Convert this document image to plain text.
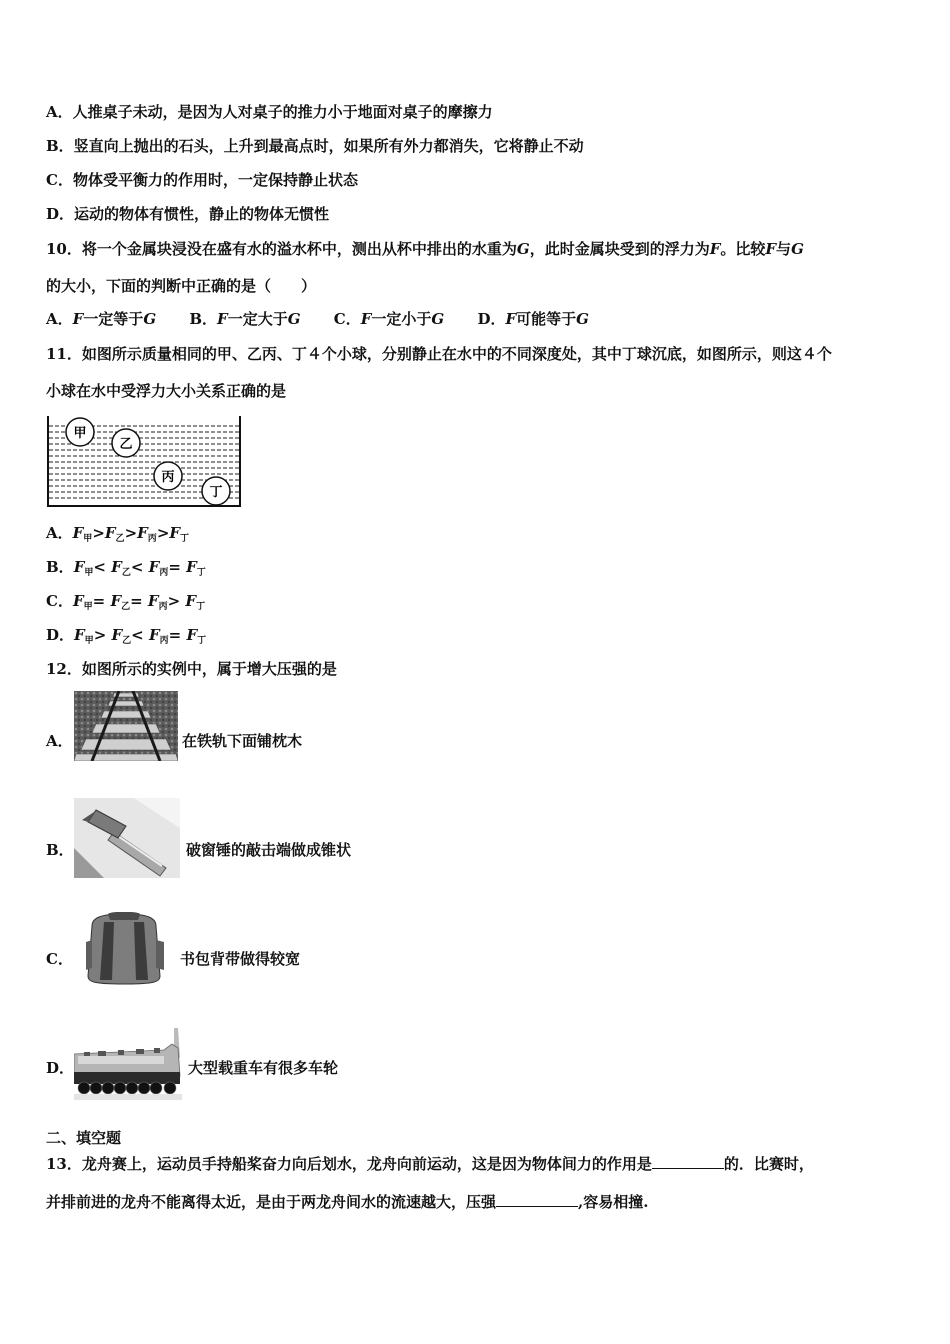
A．人推桌子未动，是因为人对桌子的推力小于地面对桌子的摩擦力
B．竖直向上抛出的石头，上升到最高点时，如果所有外力都消失，它将静止不动
C．物体受平衡力的作用时，一定保持静止状态
D．运动的物体有惯性，静止的物体无惯性
10．将一个金属块浸没在盛有水的溢水杯中，测出从杯中排出的水重为G，此时金属块受到的浮力为F。比较F与G
的大小，下面的判断中正确的是（　　）
A．F一定等于G B．F一定大于G C．F一定小于G D．F可能等于G
11．如图所示质量相同的甲、乙丙、丁４个小球，分别静止在水中的不同深度处，其中丁球沉底，如图所示，则这４个
小球在水中受浮力大小关系正确的是
甲
乙
丙
丁
A．$F_甲>F_乙>F_丙>F_丁$
B．$F_甲< F_乙< F_丙= F_丁$
C．$F_甲= F_乙= F_丙> F_丁$
D．$F_甲> F_乙< F_丙= F_丁$
12．如图所示的实例中，属于增大压强的是
A．	在铁轨下面铺枕木
B．	破窗锤的敲击端做成锥状
C．	书包背带做得较宽
D．	大型载重车有很多车轮
二、填空题
13．龙舟赛上，运动员手持船桨奋力向后划水，龙舟向前运动，这是因为物体间力的作用是	的．比赛时，
并排前进的龙舟不能离得太近，是由于两龙舟间水的流速越大，压强	,容易相撞.
